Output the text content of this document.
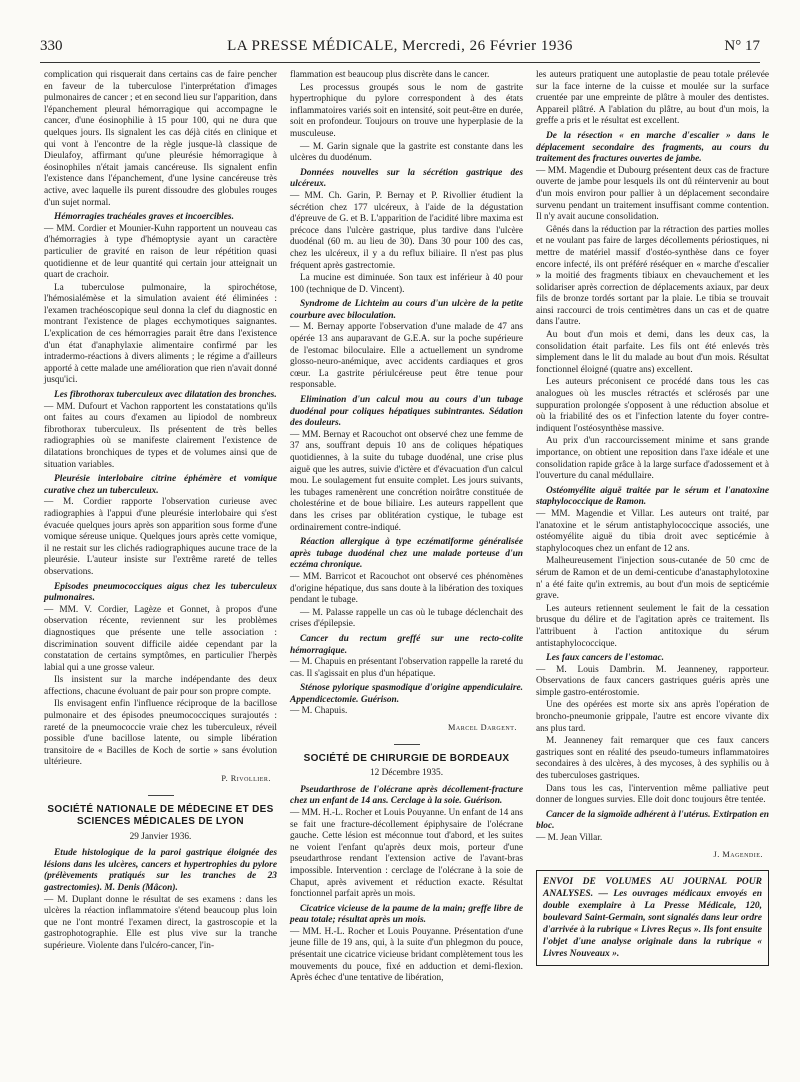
330	LA PRESSE MÉDICALE, Mercredi, 26 Février 1936	N° 17

complication qui risquerait dans certains cas de faire pencher en faveur de la tuberculose l'interprétation d'images pulmonaires de cancer ; et en second lieu sur l'apparition, dans l'épanchement pleural hémorragique qui accompagne le cancer, d'une éosinophilie à 15 pour 100, qui ne dura que quelques jours. Ils signalent les cas déjà cités en clinique et qui vont à l'encontre de la règle jusque-là classique de Dieulafoy, affirmant qu'une pleurésie hémorragique à éosinophiles n'était jamais cancéreuse. Ils signalent enfin l'existence dans l'épanchement, d'une lysine cancéreuse très active, avec laquelle ils purent dissoudre des globules rouges d'un sujet normal.

Hémorragies trachéales graves et incoercibles.

— MM. Cordier et Mounier-Kuhn rapportent un nouveau cas d'hémorragies à type d'hémoptysie ayant un caractère particulier de gravité en raison de leur répétition quasi quotidienne et de leur quantité qui certain jour atteignait un quart de crachoir.

La tuberculose pulmonaire, la spirochétose, l'hémosialémèse et la simulation avaient été éliminées : l'examen trachéoscopique seul donna la clef du diagnostic en montrant l'existence de plages ecchymotiques saignantes. L'explication de ces hémorragies parait être dans l'existence d'un état d'anaphylaxie alimentaire confirmé par les intradermo-réactions à divers aliments ; le régime a d'ailleurs apporté à cette malade une amélioration que rien n'avait donné jusqu'ici.

Les fibrothorax tuberculeux avec dilatation des bronches.

— MM. Dufourt et Vachon rapportent les constatations qu'ils ont faites au cours d'examen au lipiodol de nombreux fibrothorax tuberculeux. Ils présentent de très belles radiographies où se manifeste clairement l'existence de dilatations bronchiques de types et de volumes ainsi que de situation variables.

Pleurésie interlobaire citrine éphémère et vomique curative chez un tuberculeux.

— M. Cordier rapporte l'observation curieuse avec radiographies à l'appui d'une pleurésie interlobaire qui s'est évacuée quelques jours après son apparition sous forme d'une vomique séreuse unique. Quelques jours après cette vomique, il ne restait sur les clichés radiographiques aucune trace de la pleurésie. L'auteur insiste sur l'extrême rareté de telles observations.

Episodes pneumococciques aigus chez les tuberculeux pulmonaires.

— MM. V. Cordier, Lagèze et Gonnet, à propos d'une observation récente, reviennent sur les problèmes diagnostiques que présente une telle association : discrimination souvent difficile aidée cependant par la constatation de certains symptômes, en particulier l'herpès labial qui a une grosse valeur.

Ils insistent sur la marche indépendante des deux affections, chacune évoluant de pair pour son propre compte.

Ils envisagent enfin l'influence réciproque de la bacillose pulmonaire et des épisodes pneumococciques surajoutés : rareté de la pneumococcie vraie chez les tuberculeux, réveil possible d'une bacillose latente, ou simple libération transitoire de « Bacilles de Koch de sortie » sans évolution ultérieure.

P. Rivollier.
SOCIÉTÉ NATIONALE DE MÉDECINE ET DES SCIENCES MÉDICALES DE LYON
29 Janvier 1936.
Etude histologique de la paroi gastrique éloignée des lésions dans les ulcères, cancers et hypertrophies du pylore (prélèvements pratiqués sur les tranches de 23 gastrectomies). M. Denis (Mâcon).

— M. Duplant donne le résultat de ses examens : dans les ulcères la réaction inflammatoire s'étend beaucoup plus loin que ne l'ont montré l'examen direct, la gastroscopie et la gastrophotographie. Elle est plus vive sur la tranche supérieure. Violente dans l'ulcéro-cancer, l'in-

flammation est beaucoup plus discrète dans le cancer.

Les processus groupés sous le nom de gastrite hypertrophique du pylore correspondent à des états inflammatoires variés soit en intensité, soit peut-être en durée, soit en profondeur. Toujours on trouve une hyperplasie de la musculeuse.

— M. Garin signale que la gastrite est constante dans les ulcères du duodénum.

Données nouvelles sur la sécrétion gastrique des ulcéreux.

— MM. Ch. Garin, P. Bernay et P. Rivollier étudient la sécrétion chez 177 ulcéreux, à l'aide de la dégustation d'épreuve de G. et B. L'apparition de l'acidité libre maxima est précoce dans l'ulcère gastrique, plus tardive dans l'ulcère duodénal (60 m. au lieu de 30). Dans 30 pour 100 des cas, chez les ulcéreux, il y a du reflux biliaire. Il n'est pas plus fréquent après gastrectomie.

La mucine est diminuée. Son taux est inférieur à 40 pour 100 (technique de D. Vincent).

Syndrome de Lichteim au cours d'un ulcère de la petite courbure avec biloculation.

— M. Bernay apporte l'observation d'une malade de 47 ans opérée 13 ans auparavant de G.E.A. sur la poche supérieure de l'estomac biloculaire. Elle a actuellement un syndrome glosso-neuro-anémique, avec accidents cardiaques et gros cœur. La gastrite périulcéreuse peut être tenue pour responsable.

Elimination d'un calcul mou au cours d'un tubage duodénal pour coliques hépatiques subintrantes. Sédation des douleurs.

— MM. Bernay et Racouchot ont observé chez une femme de 37 ans, souffrant depuis 10 ans de coliques hépatiques quotidiennes, à la suite du tubage duodénal, une crise plus aiguë que les autres, suivie d'ictère et d'évacuation d'un calcul mou. Le soulagement fut ensuite complet. Les jours suivants, les tubages ramenèrent une concrétion noirâtre constituée de cholestérine et de boue biliaire. Les auteurs rappellent que dans les crises par oblitération cystique, le tubage est ordinairement contre-indiqué.

Réaction allergique à type eczématiforme généralisée après tubage duodénal chez une malade porteuse d'un eczéma chronique.

— MM. Barricot et Racouchot ont observé ces phénomènes d'origine hépatique, dus sans doute à la libération des toxiques pendant le tubage.

— M. Palasse rappelle un cas où le tubage déclenchait des crises d'épilepsie.

Cancer du rectum greffé sur une recto-colite hémorragique.

— M. Chapuis en présentant l'observation rappelle la rareté du cas. Il s'agissait en plus d'un hépatique.

Sténose pylorique spasmodique d'origine appendiculaire. Appendicectomie. Guérison.

— M. Chapuis.

Marcel Dargent.
SOCIÉTÉ DE CHIRURGIE DE BORDEAUX
12 Décembre 1935.
Pseudarthrose de l'olécrane après décollement-fracture chez un enfant de 14 ans. Cerclage à la soie. Guérison.

— MM. H.-L. Rocher et Louis Pouyanne. Un enfant de 14 ans se fait une fracture-décollement épiphysaire de l'olécrane gauche. Cette lésion est méconnue tout d'abord, et les suites ne voient l'enfant qu'après deux mois, porteur d'une pseudarthrose rendant l'extension active de l'avant-bras impossible. Intervention : cerclage de l'olécrane à la soie de Chaput, après avivement et réduction exacte. Résultat fonctionnel parfait après un mois.

Cicatrice vicieuse de la paume de la main; greffe libre de peau totale; résultat après un mois.

— MM. H.-L. Rocher et Louis Pouyanne. Présentation d'une jeune fille de 19 ans, qui, à la suite d'un phlegmon du pouce, présentait une cicatrice vicieuse bridant complètement tous les mouvements du pouce, fixé en adduction et demi-flexion. Après échec d'une tentative de libération,

les auteurs pratiquent une autoplastie de peau totale prélevée sur la face interne de la cuisse et moulée sur la surface cruentée par une empreinte de plâtre à mouler des dentistes. Appareil plâtré. A l'ablation du plâtre, au bout d'un mois, la greffe a pris et le résultat est excellent.

De la résection « en marche d'escalier » dans le déplacement secondaire des fragments, au cours du traitement des fractures ouvertes de jambe.

— MM. Magendie et Dubourg présentent deux cas de fracture ouverte de jambe pour lesquels ils ont dû réintervenir au bout d'un mois environ pour pallier à un déplacement secondaire survenu pendant un traitement insuffisant comme contention. Il n'y avait aucune consolidation.

Gênés dans la réduction par la rétraction des parties molles et ne voulant pas faire de larges décollements périostiques, ni mettre de matériel massif d'ostéo-synthèse dans ce foyer encore infecté, ils ont préféré réséquer en « marche d'escalier » la moitié des fragments tibiaux en chevauchement et les solidariser après correction de déplacements axiaux, par deux fils de bronze tordés sortant par la plaie. Le tibia se trouvait ainsi raccourci de trois centimètres dans un cas et de quatre dans l'autre.

Au bout d'un mois et demi, dans les deux cas, la consolidation était parfaite. Les fils ont été enlevés très simplement dans le lit du malade au bout d'un mois. Résultat fonctionnel éloigné (quatre ans) excellent.

Les auteurs préconisent ce procédé dans tous les cas analogues où les muscles rétractés et sclérosés par une suppuration prolongée s'opposent à une réduction absolue et où la friabilité des os et l'infection latente du foyer contre-indiquent l'ostéosynthèse massive.

Au prix d'un raccourcissement minime et sans grande importance, on obtient une reposition dans l'axe idéale et une consolidation rapide grâce à la large surface d'adossement et à l'ouverture du canal médullaire.

Ostéomyélite aiguë traitée par le sérum et l'anatoxine staphylococcique de Ramon.

— MM. Magendie et Villar. Les auteurs ont traité, par l'anatoxine et le sérum antistaphylococcique associés, une ostéomyélite aiguë du tibia droit avec septicémie à staphylocoques chez un enfant de 12 ans.

Malheureusement l'injection sous-cutanée de 50 cmc de sérum de Ramon et de un demi-centicube d'anastaphylotoxine n' a été faite qu'in extremis, au bout d'un mois de septicémie grave.

Les auteurs retiennent seulement le fait de la cessation brusque du délire et de l'agitation après ce traitement. Ils l'attribuent à l'action antitoxique du sérum antistaphylococcique.

Les faux cancers de l'estomac.

— M. Louis Dambrin. M. Jeanneney, rapporteur. Observations de faux cancers gastriques guéris après une simple gastro-entérostomie.

Une des opérées est morte six ans après l'opération de broncho-pneumonie grippale, l'autre est encore vivante dix ans plus tard.

M. Jeanneney fait remarquer que ces faux cancers gastriques sont en réalité des pseudo-tumeurs inflammatoires secondaires à des ulcères, à des mycoses, à des syphilis ou à des tuberculoses gastriques.

Dans tous les cas, l'intervention même palliative peut donner de longues survies. Elle doit donc toujours être tentée.

Cancer de la sigmoïde adhérent à l'utérus. Extirpation en bloc.

— M. Jean Villar.

J. Magendie.
ENVOI DE VOLUMES AU JOURNAL POUR ANALYSES. — Les ouvrages médicaux envoyés en double exemplaire à La Presse Médicale, 120, boulevard Saint-Germain, sont signalés dans leur ordre d'arrivée à la rubrique « Livres Reçus ». Ils font ensuite l'objet d'une analyse originale dans la rubrique « Livres Nouveaux ».
